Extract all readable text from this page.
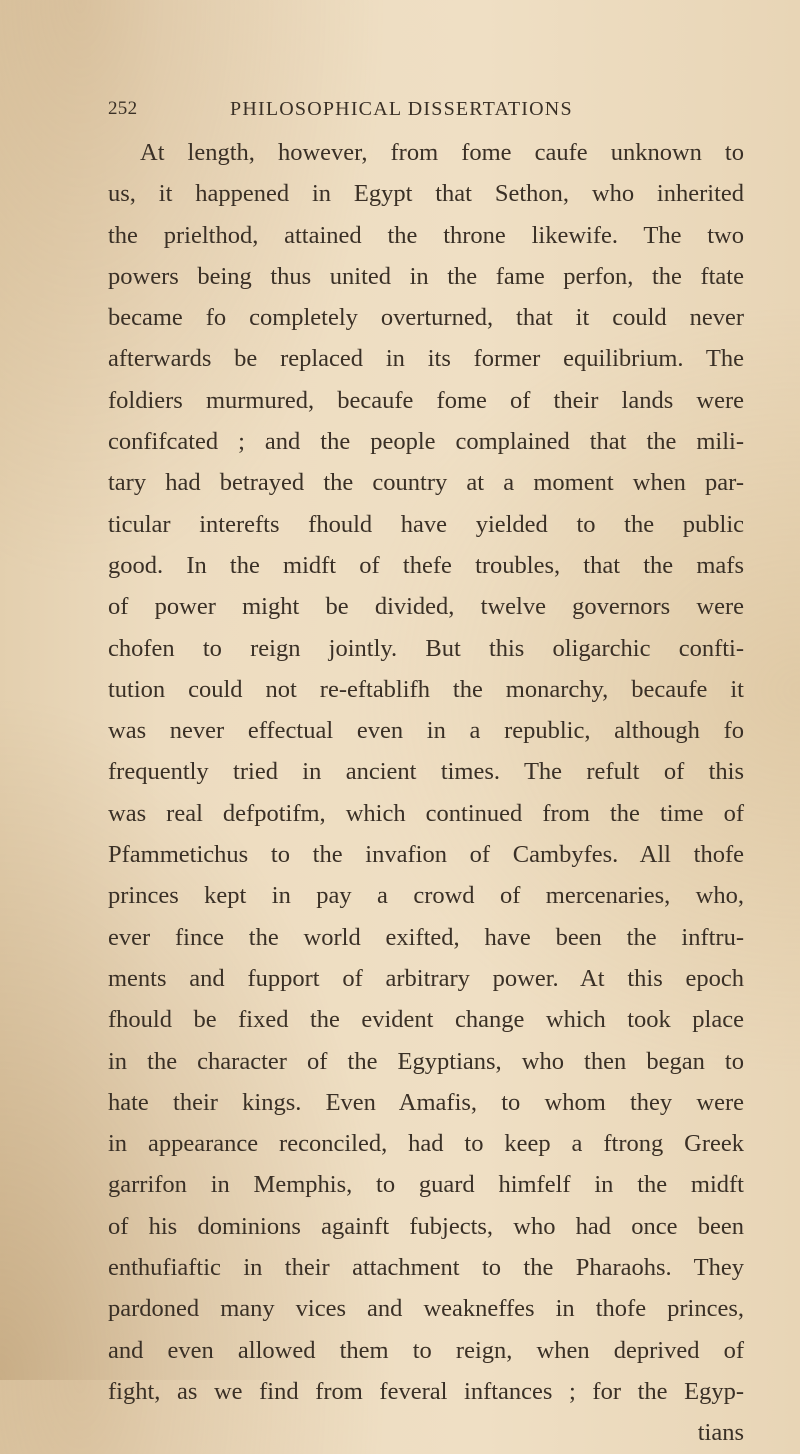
252	PHILOSOPHICAL DISSERTATIONS
At length, however, from fome caufe unknown to
us, it happened in Egypt that Sethon, who inherited
the prielthod, attained the throne likewife. The two
powers being thus united in the fame perfon, the ftate
became fo completely overturned, that it could never
afterwards be replaced in its former equilibrium. The
foldiers murmured, becaufe fome of their lands were
confifcated ; and the people complained that the mili-
tary had betrayed the country at a moment when par-
ticular interefts fhould have yielded to the public
good. In the midft of thefe troubles, that the mafs
of power might be divided, twelve governors were
chofen to reign jointly. But this oligarchic confti-
tution could not re-eftablifh the monarchy, becaufe it
was never effectual even in a republic, although fo
frequently tried in ancient times. The refult of this
was real defpotifm, which continued from the time of
Pfammetichus to the invafion of Cambyfes. All thofe
princes kept in pay a crowd of mercenaries, who,
ever fince the world exifted, have been the inftru-
ments and fupport of arbitrary power. At this epoch
fhould be fixed the evident change which took place
in the character of the Egyptians, who then began to
hate their kings. Even Amafis, to whom they were
in appearance reconciled, had to keep a ftrong Greek
garrifon in Memphis, to guard himfelf in the midft
of his dominions againft fubjects, who had once been
enthufiaftic in their attachment to the Pharaohs. They
pardoned many vices and weakneffes in thofe princes,
and even allowed them to reign, when deprived of
fight, as we find from feveral inftances ; for the Egyp-
tians
